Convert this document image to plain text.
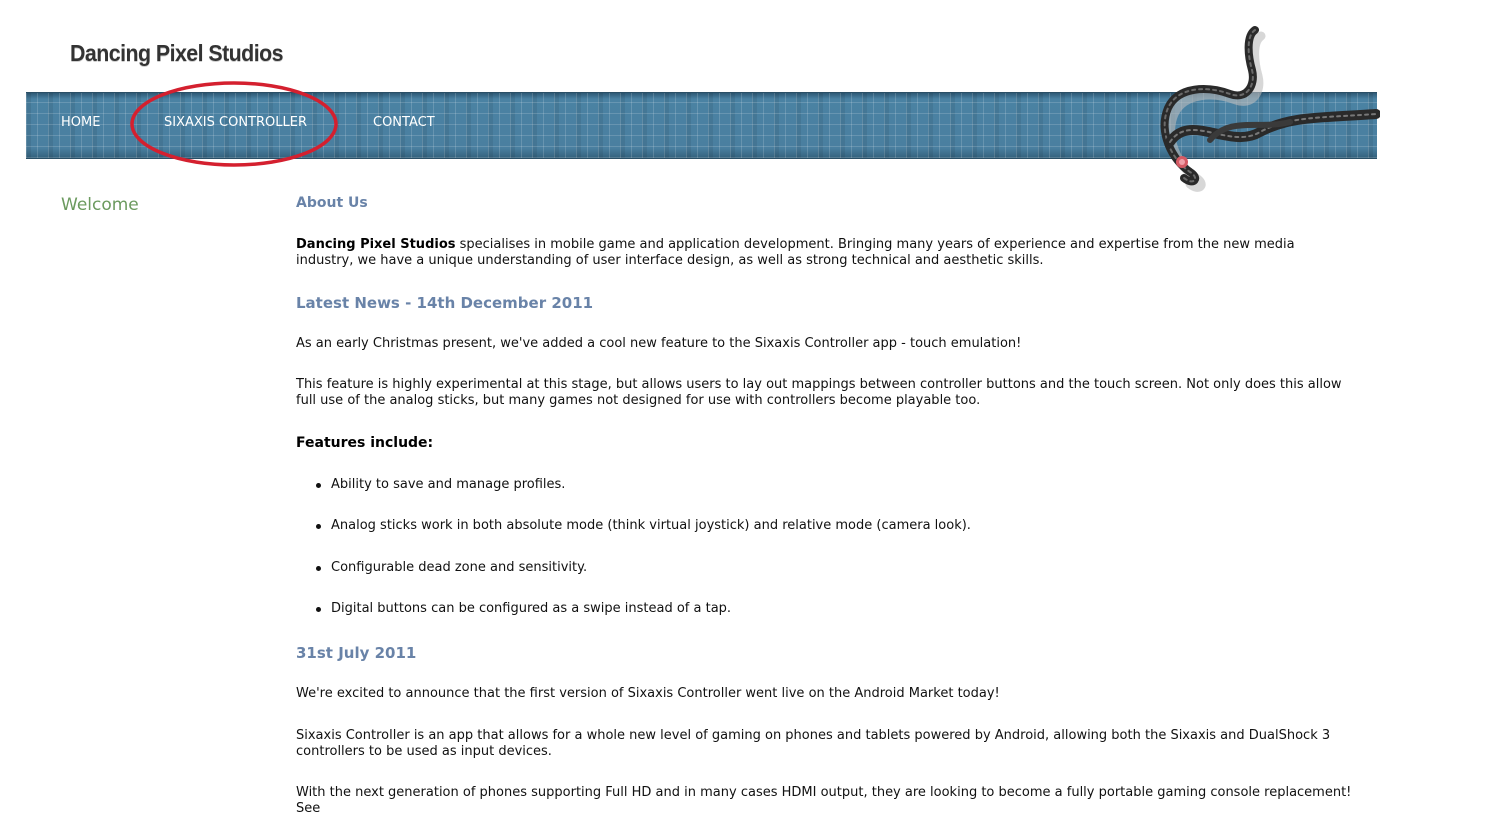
Dancing Pixel Studios
HOME	SIXAXIS CONTROLLER	CONTACT
Welcome	About Us

Dancing Pixel Studios specialises in mobile game and application development. Bringing many years of experience and expertise from the new media industry, we have a unique understanding of user interface design, as well as strong technical and aesthetic skills.

Latest News - 14th December 2011

As an early Christmas present, we've added a cool new feature to the Sixaxis Controller app - touch emulation!

This feature is highly experimental at this stage, but allows users to lay out mappings between controller buttons and the touch screen. Not only does this allow full use of the analog sticks, but many games not designed for use with controllers become playable too.

Features include:
Ability to save and manage profiles.
Analog sticks work in both absolute mode (think virtual joystick) and relative mode (camera look).
Configurable dead zone and sensitivity.
Digital buttons can be configured as a swipe instead of a tap.
31st July 2011

We're excited to announce that the first version of Sixaxis Controller went live on the Android Market today!

Sixaxis Controller is an app that allows for a whole new level of gaming on phones and tablets powered by Android, allowing both the Sixaxis and DualShock 3 controllers to be used as input devices.

With the next generation of phones supporting Full HD and in many cases HDMI output, they are looking to become a fully portable gaming console replacement! See
